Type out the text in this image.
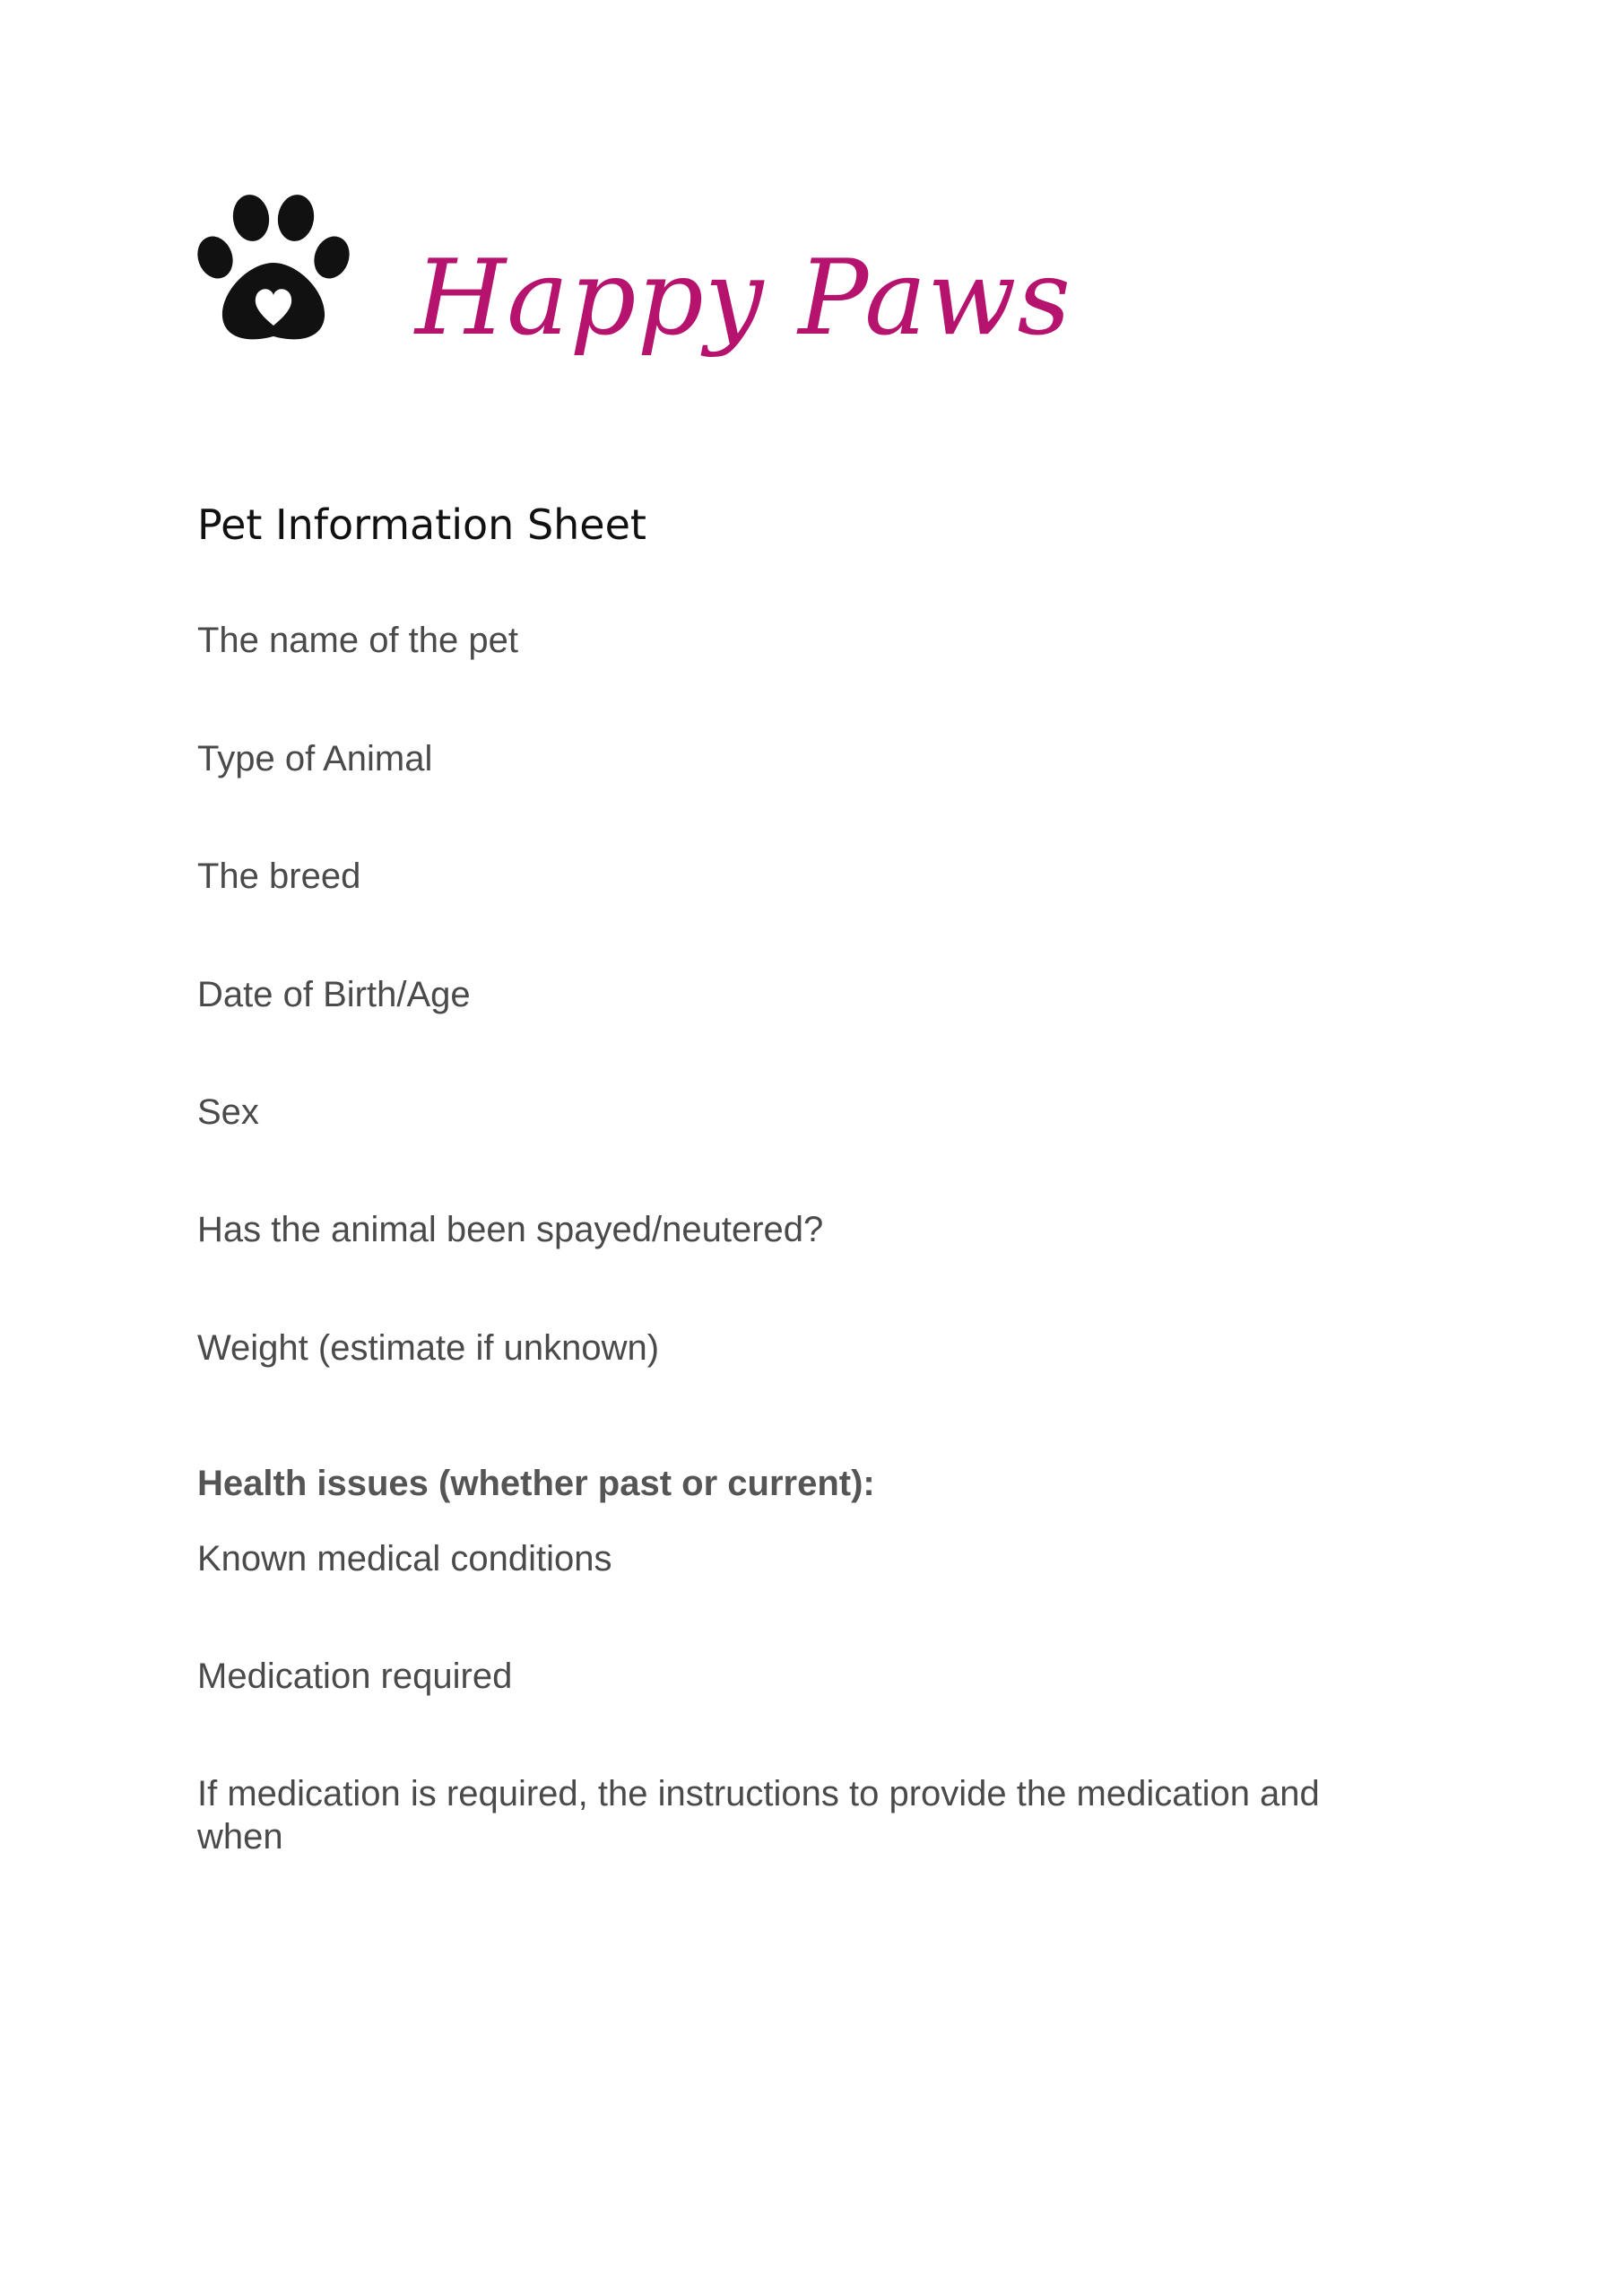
Happy Paws
Pet Information Sheet
The name of the pet
Type of Animal
The breed
Date of Birth/Age
Sex
Has the animal been spayed/neutered?
Weight (estimate if unknown)
Health issues (whether past or current):
Known medical conditions
Medication required
If medication is required, the instructions to provide the medication and when
